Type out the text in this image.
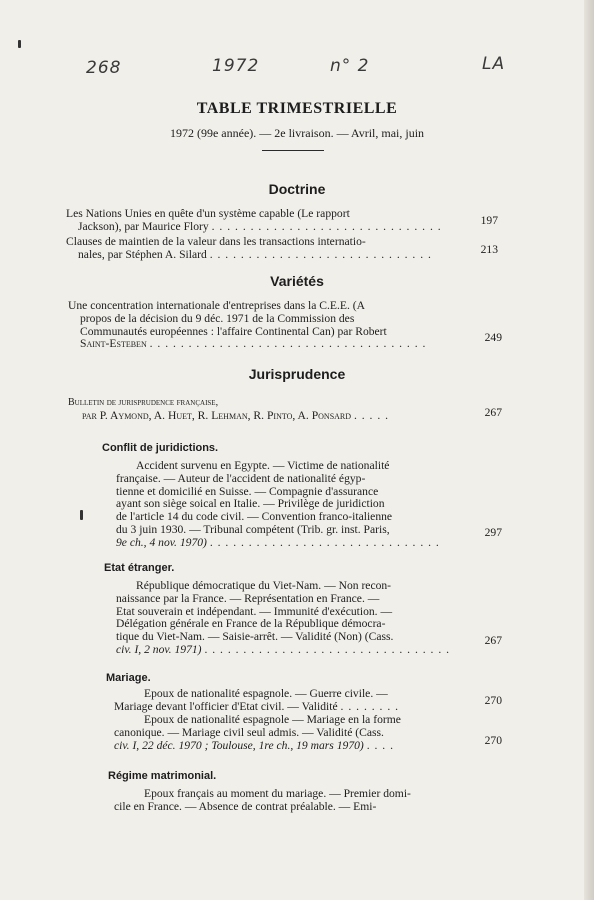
268	1972	n° 2	LA
TABLE TRIMESTRIELLE
1972 (99e année). — 2e livraison. — Avril, mai, juin
Doctrine
Les Nations Unies en quête d'un système capable (Le rapport
Jackson), par Maurice Flory . . . . . . . . . . . . . . . . . . . . . . . . . . . . . .	197
Clauses de maintien de la valeur dans les transactions internatio-
nales, par Stéphen A. Silard . . . . . . . . . . . . . . . . . . . . . . . . . . . . .	213
Variétés
Une concentration internationale d'entreprises dans la C.E.E. (A
propos de la décision du 9 déc. 1971 de la Commission des
Communautés européennes : l'affaire Continental Can) par Robert
Saint-Esteben . . . . . . . . . . . . . . . . . . . . . . . . . . . . . . . . . . . .	249
Jurisprudence
Bulletin de jurisprudence française,
par P. Aymond, A. Huet, R. Lehman, R. Pinto, A. Ponsard . . . . .	267
Conflit de juridictions.
Accident survenu en Egypte. — Victime de nationalité
française. — Auteur de l'accident de nationalité égyp-
tienne et domicilié en Suisse. — Compagnie d'assurance
ayant son siège soical en Italie. — Privilège de juridiction
de l'article 14 du code civil. — Convention franco-italienne
du 3 juin 1930. — Tribunal compétent (Trib. gr. inst. Paris,
9e ch., 4 nov. 1970) . . . . . . . . . . . . . . . . . . . . . . . . . . . . . .
297
Etat étranger.
République démocratique du Viet-Nam. — Non recon-
naissance par la France. — Représentation en France. —
Etat souverain et indépendant. — Immunité d'exécution. —
Délégation générale en France de la République démocra-
tique du Viet-Nam. — Saisie-arrêt. — Validité (Non) (Cass.
civ. I, 2 nov. 1971) . . . . . . . . . . . . . . . . . . . . . . . . . . . . . . . .
267
Mariage.
Epoux de nationalité espagnole. — Guerre civile. —
Mariage devant l'officier d'Etat civil. — Validité . . . . . . . .	270
Epoux de nationalité espagnole — Mariage en la forme
canonique. — Mariage civil seul admis. — Validité (Cass.
civ. I, 22 déc. 1970 ; Toulouse, 1re ch., 19 mars 1970) . . . .	270
Régime matrimonial.
Epoux français au moment du mariage. — Premier domi-
cile en France. — Absence de contrat préalable. — Emi-
